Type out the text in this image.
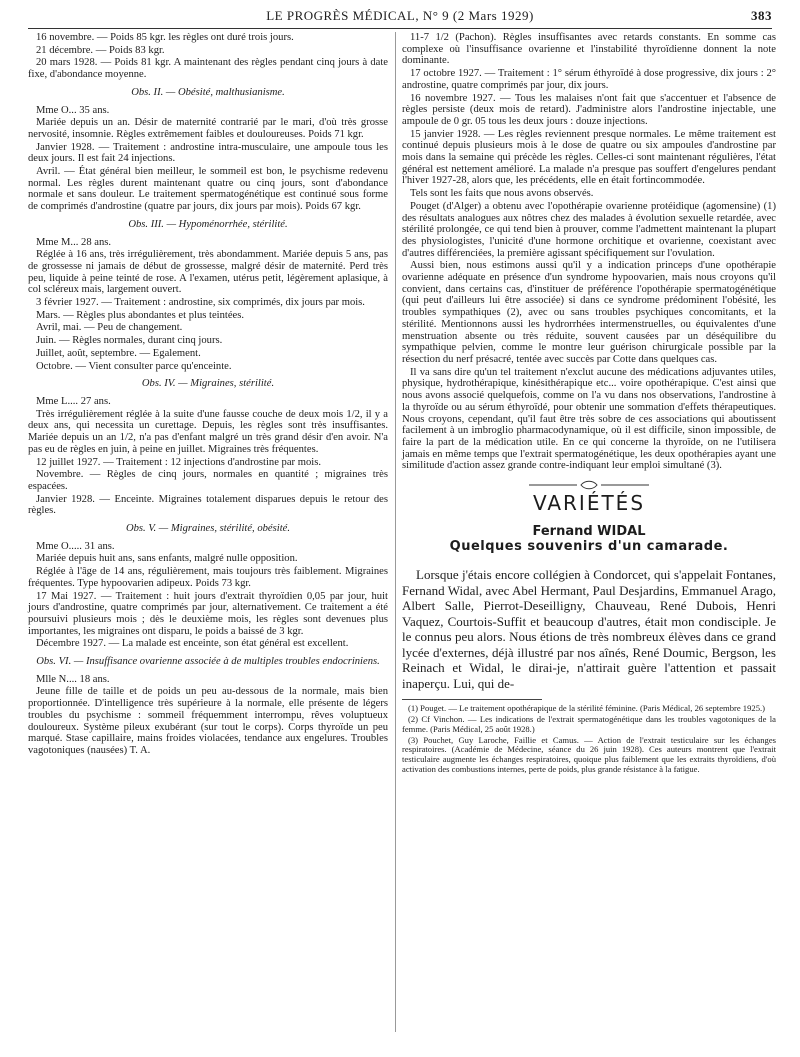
LE PROGRÈS MÉDICAL, N° 9 (2 Mars 1929)	383

16 novembre. — Poids 85 kgr. les règles ont duré trois jours.

21 décembre. — Poids 83 kgr.

20 mars 1928. — Poids 81 kgr. A maintenant des règles pendant cinq jours à date fixe, d'abondance moyenne.

Obs. II. — Obésité, malthusianisme.

Mme O... 35 ans.

Mariée depuis un an. Désir de maternité contrarié par le mari, d'où très grosse nervosité, insomnie. Règles extrêmement faibles et douloureuses. Poids 71 kgr.

Janvier 1928. — Traitement : androstine intra-musculaire, une ampoule tous les deux jours. Il est fait 24 injections.

Avril. — État général bien meilleur, le sommeil est bon, le psychisme redevenu normal. Les règles durent maintenant quatre ou cinq jours, sont d'abondance normale et sans douleur. Le traitement spermatogénétique est continué sous forme de comprimés d'androstine (quatre par jours, dix jours par mois). Poids 67 kgr.

Obs. III. — Hypoménorrhée, stérilité.

Mme M... 28 ans.

Réglée à 16 ans, très irrégulièrement, très abondamment. Mariée depuis 5 ans, pas de grossesse ni jamais de début de grossesse, malgré désir de maternité. Perd très peu, liquide à peine teinté de rose. A l'examen, utérus petit, légèrement aplasique, à col scléreux mais, largement ouvert.

3 février 1927. — Traitement : androstine, six comprimés, dix jours par mois.

Mars. — Règles plus abondantes et plus teintées.

Avril, mai. — Peu de changement.

Juin. — Règles normales, durant cinq jours.

Juillet, août, septembre. — Egalement.

Octobre. — Vient consulter parce qu'enceinte.

Obs. IV. — Migraines, stérilité.

Mme L.... 27 ans.

Très irrégulièrement réglée à la suite d'une fausse couche de deux mois 1/2, il y a deux ans, qui necessita un curettage. Depuis, les règles sont très insuffisantes. Mariée depuis un an 1/2, n'a pas d'enfant malgré un très grand désir d'en avoir. N'a pas eu de règles en juin, à peine en juillet. Migraines très fréquentes.

12 juillet 1927. — Traitement : 12 injections d'androstine par mois.

Novembre. — Règles de cinq jours, normales en quantité ; migraines très espacées.

Janvier 1928. — Enceinte. Migraines totalement disparues depuis le retour des règles.

Obs. V. — Migraines, stérilité, obésité.

Mme O..... 31 ans.

Mariée depuis huit ans, sans enfants, malgré nulle opposition.

Réglée à l'âge de 14 ans, régulièrement, mais toujours très faiblement. Migraines fréquentes. Type hypoovarien adipeux. Poids 73 kgr.

17 Mai 1927. — Traitement : huit jours d'extrait thyroïdien 0,05 par jour, huit jours d'androstine, quatre comprimés par jour, alternativement. Ce traitement a été poursuivi plusieurs mois ; dès le deuxième mois, les règles sont devenues plus importantes, les migraines ont disparu, le poids a baissé de 3 kgr.

Décembre 1927. — La malade est enceinte, son état général est excellent.

Obs. VI. — Insuffisance ovarienne associée à de multiples troubles endocriniens.

Mlle N.... 18 ans.

Jeune fille de taille et de poids un peu au-dessous de la normale, mais bien proportionnée. D'intelligence très supérieure à la normale, elle présente de légers troubles du psychisme : sommeil fréquemment interrompu, rêves voluptueux douloureux. Système pileux exubérant (sur tout le corps). Corps thyroïde un peu marqué. Stase capillaire, mains froides violacées, tendance aux engelures. Troubles vagotoniques (nausées) T. A.

11-7 1/2 (Pachon). Règles insuffisantes avec retards constants. En somme cas complexe où l'insuffisance ovarienne et l'instabilité thyroïdienne donnent la note dominante.

17 octobre 1927. — Traitement : 1° sérum éthyroïdé à dose progressive, dix jours : 2° androstine, quatre comprimés par jour, dix jours.

16 novembre 1927. — Tous les malaises n'ont fait que s'accentuer et l'absence de règles persiste (deux mois de retard). J'administre alors l'androstine injectable, une ampoule de 0 gr. 05 tous les deux jours : douze injections.

15 janvier 1928. — Les règles reviennent presque normales. Le même traitement est continué depuis plusieurs mois à le dose de quatre ou six ampoules d'androstine par mois dans la semaine qui précède les règles. Celles-ci sont maintenant régulières, l'état général est nettement amélioré. La malade n'a presque pas souffert d'engelures pendant l'hiver 1927-28, alors que, les précédents, elle en était fortincommodée.

Tels sont les faits que nous avons observés.

Pouget (d'Alger) a obtenu avec l'opothérapie ovarienne protéidique (agomensine) (1) des résultats analogues aux nôtres chez des malades à évolution sexuelle retardée, avec stérilité prolongée, ce qui tend bien à prouver, comme l'admettent maintenant la plupart des physiologistes, l'unicité d'une hormone orchitique et ovarienne, coexistant avec d'autres différenciées, la première agissant spécifiquement sur l'ovulation.

Aussi bien, nous estimons aussi qu'il y a indication princeps d'une opothérapie ovarienne adéquate en présence d'un syndrome hypoovarien, mais nous croyons qu'il convient, dans certains cas, d'instituer de préférence l'opothérapie spermatogénétique (qui peut d'ailleurs lui être associée) si dans ce syndrome prédominent l'obésité, les troubles sympathiques (2), avec ou sans troubles psychiques concomitants, et la stérilité. Mentionnons aussi les hydrorrhées intermenstruelles, ou équivalentes d'une menstruation absente ou très réduite, souvent causées par un déséquilibre du sympathique pelvien, comme le montre leur guérison chirurgicale possible par la résection du nerf présacré, tentée avec succès par Cotte dans quelques cas.

Il va sans dire qu'un tel traitement n'exclut aucune des médications adjuvantes utiles, physique, hydrothérapique, kinésithérapique etc... voire opothérapique. C'est ainsi que nous avons associé quelquefois, comme on l'a vu dans nos observations, l'androstine à la thyroïde ou au sérum éthyroïdé, pour obtenir une sommation d'effets thérapeutiques. Nous croyons, cependant, qu'il faut être très sobre de ces associations qui aboutissent facilement à un imbroglio pharmacodynamique, où il est difficile, sinon impossible, de faire la part de la médication utile. En ce qui concerne la thyroïde, on ne l'utilisera jamais en même temps que l'extrait spermatogénétique, les deux opothérapies ayant une similitude d'action assez grande contre-indiquant leur emploi simultané (3).

VARIÉTÉS
Fernand WIDAL
Quelques souvenirs d'un camarade.

Lorsque j'étais encore collégien à Condorcet, qui s'appelait Fontanes, Fernand Widal, avec Abel Hermant, Paul Desjardins, Emmanuel Arago, Albert Salle, Pierrot-Deseilligny, Chauveau, René Dubois, Henri Vaquez, Courtois-Suffit et beaucoup d'autres, était mon condisciple. Je le connus peu alors. Nous étions de très nombreux élèves dans ce grand lycée d'externes, déjà illustré par nos aînés, René Doumic, Bergson, les Reinach et Widal, le dirai-je, n'attirait guère l'attention et passait inaperçu. Lui, qui de-

(1) Pouget. — Le traitement opothérapique de la stérilité féminine. (Paris Médical, 26 septembre 1925.)

(2) Cf Vinchon. — Les indications de l'extrait spermatogénétique dans les troubles vagotoniques de la femme. (Paris Médical, 25 août 1928.)

(3) Pouchet, Guy Laroche, Faillie et Camus. — Action de l'extrait testiculaire sur les échanges respiratoires. (Académie de Médecine, séance du 26 juin 1928). Ces auteurs montrent que l'extrait testiculaire augmente les échanges respiratoires, quoique plus faiblement que les extraits thyroïdiens, d'où activation des combustions internes, perte de poids, plus grande résistance à la fatigue.
